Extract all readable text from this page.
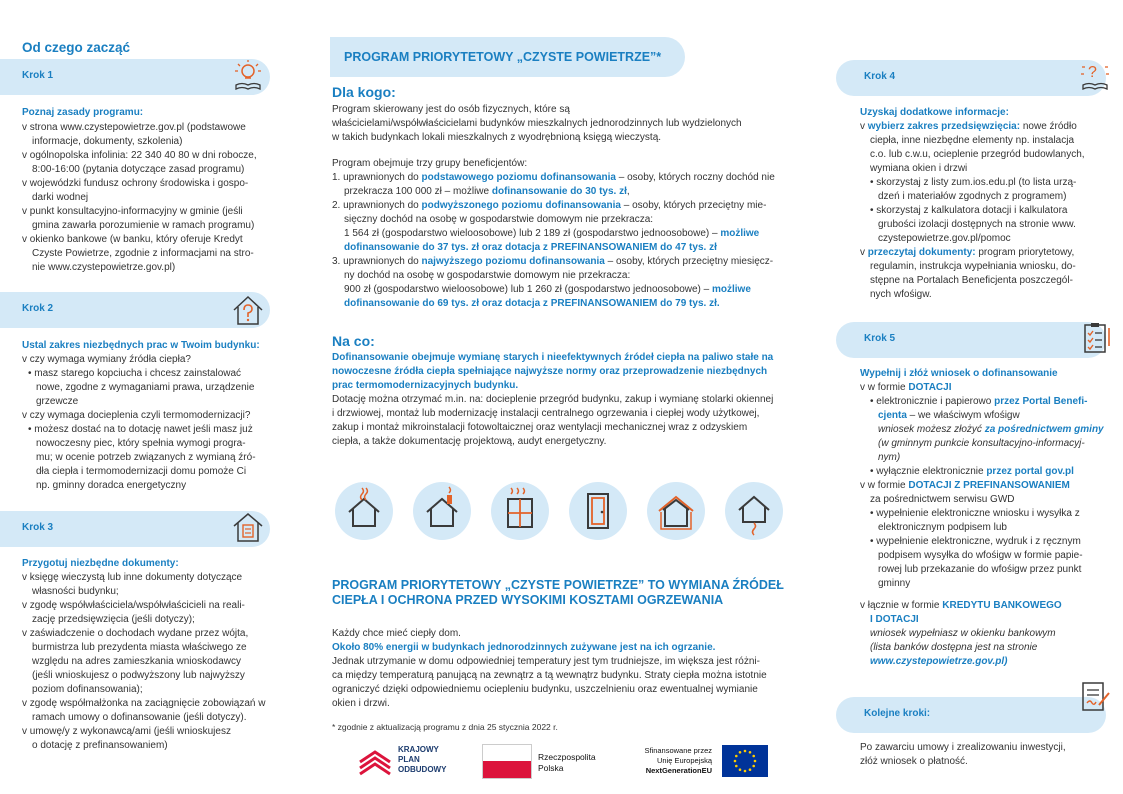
Od czego zacząć
Krok 1
Poznaj zasady programu:

v strona www.czystepowietrze.gov.pl (podstawowe

informacje, dokumenty, szkolenia)

v ogólnopolska infolinia: 22 340 40 80 w dni robocze,

8:00-16:00 (pytania dotyczące zasad programu)

v wojewódzki fundusz ochrony środowiska i gospo-

darki wodnej

v punkt konsultacyjno-informacyjny w gminie (jeśli

gmina zawarła porozumienie w ramach programu)

v okienko bankowe (w banku, który oferuje Kredyt

Czyste Powietrze, zgodnie z informacjami na stro-

nie www.czystepowietrze.gov.pl)

Krok 2
Ustal zakres niezbędnych prac w Twoim budynku:

v czy wymaga wymiany źródła ciepła?

• masz starego kopciucha i chcesz zainstalować

nowe, zgodne z wymaganiami prawa, urządzenie

grzewcze

v czy wymaga docieplenia czyli termomodernizacji?

• możesz dostać na to dotację nawet jeśli masz już

nowoczesny piec, który spełnia wymogi progra-

mu; w ocenie potrzeb związanych z wymianą źró-

dła ciepła i termomodernizacji domu pomoże Ci

np. gminny doradca energetyczny

Krok 3
Przygotuj niezbędne dokumenty:

v księgę wieczystą lub inne dokumenty dotyczące

własności budynku;

v zgodę współwłaściciela/współwłaścicieli na reali-

zację przedsięwzięcia (jeśli dotyczy);

v zaświadczenie o dochodach wydane przez wójta,

burmistrza lub prezydenta miasta właściwego ze

względu na adres zamieszkania wnioskodawcy

(jeśli wnioskujesz o podwyższony lub najwyższy

poziom dofinansowania);

v zgodę współmałżonka na zaciągnięcie zobowiązań w

ramach umowy o dofinansowanie (jeśli dotyczy).

v umowę/y z wykonawcą/ami (jeśli wnioskujesz

o dotację z prefinansowaniem)

PROGRAM PRIORYTETOWY „CZYSTE POWIETRZE”*
Dla kogo:

Program skierowany jest do osób fizycznych, które są

właścicielami/współwłaścicielami budynków mieszkalnych jednorodzinnych lub wydzielonych

w takich budynkach lokali mieszkalnych z wyodrębnioną księgą wieczystą.

Program obejmuje trzy grupy beneficjentów:

1. uprawnionych do podstawowego poziomu dofinansowania – osoby, których roczny dochód nie

przekracza 100 000 zł – możliwe dofinansowanie do 30 tys. zł,

2. uprawnionych do podwyższonego poziomu dofinansowania – osoby, których przeciętny mie-

sięczny dochód na osobę w gospodarstwie domowym nie przekracza:

1 564 zł (gospodarstwo wieloosobowe) lub 2 189 zł (gospodarstwo jednoosobowe) – możliwe

dofinansowanie do 37 tys. zł oraz dotacja z PREFINANSOWANIEM do 47 tys. zł

3. uprawnionych do najwyższego poziomu dofinansowania – osoby, których przeciętny miesięcz-

ny dochód na osobę w gospodarstwie domowym nie przekracza:

900 zł (gospodarstwo wieloosobowe) lub 1 260 zł (gospodarstwo jednoosobowe) – możliwe

dofinansowanie do 69 tys. zł oraz dotacja z PREFINANSOWANIEM do 79 tys. zł.

Na co:

Dofinansowanie obejmuje wymianę starych i nieefektywnych źródeł ciepła na paliwo stałe na

nowoczesne źródła ciepła spełniające najwyższe normy oraz przeprowadzenie niezbędnych

prac termomodernizacyjnych budynku.

Dotację można otrzymać m.in. na: docieplenie przegród budynku, zakup i wymianę stolarki okiennej

i drzwiowej, montaż lub modernizację instalacji centralnego ogrzewania i ciepłej wody użytkowej,

zakup i montaż mikroinstalacji fotowoltaicznej oraz wentylacji mechanicznej wraz z odzyskiem

ciepła, a także dokumentację projektową, audyt energetyczny.

PROGRAM PRIORYTETOWY „CZYSTE POWIETRZE” TO WYMIANA ŹRÓDEŁ CIEPŁA I OCHRONA PRZED WYSOKIMI KOSZTAMI OGRZEWANIA

Każdy chce mieć ciepły dom.

Około 80% energii w budynkach jednorodzinnych zużywane jest na ich ogrzanie.

Jednak utrzymanie w domu odpowiedniej temperatury jest tym trudniejsze, im większa jest różni-

ca między temperaturą panującą na zewnątrz a tą wewnątrz budynku. Straty ciepła można istotnie

ograniczyć dzięki odpowiedniemu ociepleniu budynku, uszczelnieniu oraz ewentualnej wymianie

okien i drzwi.

* zgodnie z aktualizacją programu z dnia 25 stycznia 2022 r.
KRAJOWY
PLAN
ODBUDOWY
Rzeczpospolita
Polska
Sfinansowane przez
Unię Europejską
NextGenerationEU
Krok 4	?
Uzyskaj dodatkowe informacje:

v wybierz zakres przedsięwzięcia: nowe źródło

ciepła, inne niezbędne elementy np. instalacja

c.o. lub c.w.u, ocieplenie przegród budowlanych,

wymiana okien i drzwi

• skorzystaj z listy zum.ios.edu.pl (to lista urzą-

dzeń i materiałów zgodnych z programem)

• skorzystaj z kalkulatora dotacji i kalkulatora

grubości izolacji dostępnych na stronie www.

czystepowietrze.gov.pl/pomoc

v przeczytaj dokumenty: program priorytetowy,

regulamin, instrukcja wypełniania wniosku, do-

stępne na Portalach Beneficjenta poszczegól-

nych wfośigw.

Krok 5
Wypełnij i złóż wniosek o dofinansowanie

v w formie DOTACJI

• elektronicznie i papierowo przez Portal Benefi-

cjenta – we właściwym wfośigw

wniosek możesz złożyć za pośrednictwem gminy

(w gminnym punkcie konsultacyjno-informacyj-

nym)

• wyłącznie elektronicznie przez portal gov.pl

v w formie DOTACJI Z PREFINANSOWANIEM

za pośrednictwem serwisu GWD

• wypełnienie elektroniczne wniosku i wysyłka z

elektronicznym podpisem lub

• wypełnienie elektroniczne, wydruk i z ręcznym

podpisem wysyłka do wfośigw w formie papie-

rowej lub przekazanie do wfośigw przez punkt

gminny

v łącznie w formie KREDYTU BANKOWEGO

I DOTACJI

wniosek wypełniasz w okienku bankowym

(lista banków dostępna jest na stronie

www.czystepowietrze.gov.pl)

Kolejne kroki:

Po zawarciu umowy i zrealizowaniu inwestycji,

złóż wniosek o płatność.
